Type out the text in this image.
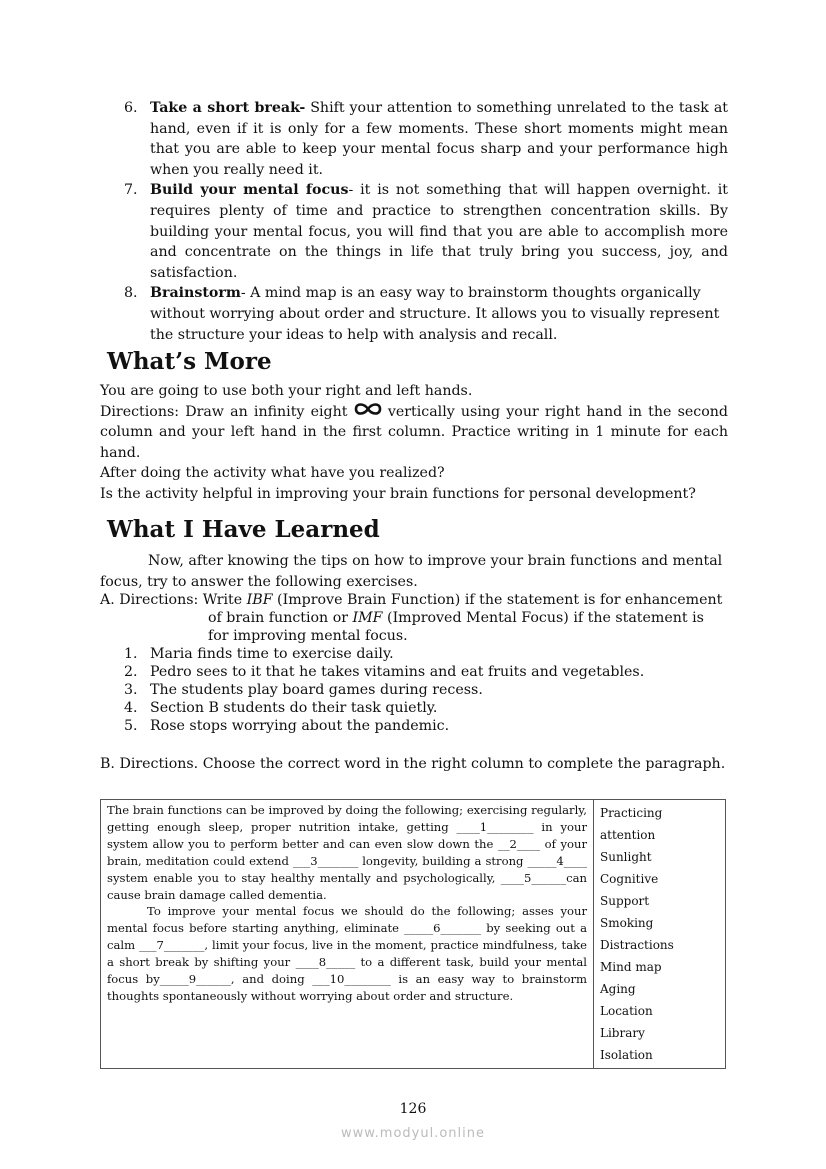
6. Take a short break- Shift your attention to something unrelated to the task at hand, even if it is only for a few moments. These short moments might mean that you are able to keep your mental focus sharp and your performance high when you really need it.
7. Build your mental focus- it is not something that will happen overnight. it requires plenty of time and practice to strengthen concentration skills. By building your mental focus, you will find that you are able to accomplish more and concentrate on the things in life that truly bring you success, joy, and satisfaction.
8. Brainstorm- A mind map is an easy way to brainstorm thoughts organically without worrying about order and structure. It allows you to visually represent the structure your ideas to help with analysis and recall.
What’s More
You are going to use both your right and left hands.
Directions: Draw an infinity eight  vertically using your right hand in the second column and your left hand in the first column. Practice writing in 1 minute for each hand.
After doing the activity what have you realized?
Is the activity helpful in improving your brain functions for personal development?
What I Have Learned
Now, after knowing the tips on how to improve your brain functions and mental focus, try to answer the following exercises.
A. Directions: Write IBF (Improve Brain Function) if the statement is for enhancement of brain function or IMF (Improved Mental Focus) if the statement is for improving mental focus.
1. Maria finds time to exercise daily.
2. Pedro sees to it that he takes vitamins and eat fruits and vegetables.
3. The students play board games during recess.
4. Section B students do their task quietly.
5. Rose stops worrying about the pandemic.
B. Directions. Choose the correct word in the right column to complete the paragraph.
The brain functions can be improved by doing the following; exercising regularly, getting enough sleep, proper nutrition intake, getting ____1________ in your system allow you to perform better and can even slow down the __2____ of your brain, meditation could extend ___3_______ longevity, building a strong _____4____ system enable you to stay healthy mentally and psychologically, ____5______can cause brain damage called dementia.
To improve your mental focus we should do the following; asses your mental focus before starting anything, eliminate _____6_______ by seeking out a calm ___7_______, limit your focus, live in the moment, practice mindfulness, take a short break by shifting your ____8_____ to a different task, build your mental focus by_____9______, and doing ___10________ is an easy way to brainstorm thoughts spontaneously without worrying about order and structure.

Practicing
attention
Sunlight
Cognitive
Support
Smoking
Distractions
Mind map
Aging
Location
Library
Isolation
126
www.modyul.online
